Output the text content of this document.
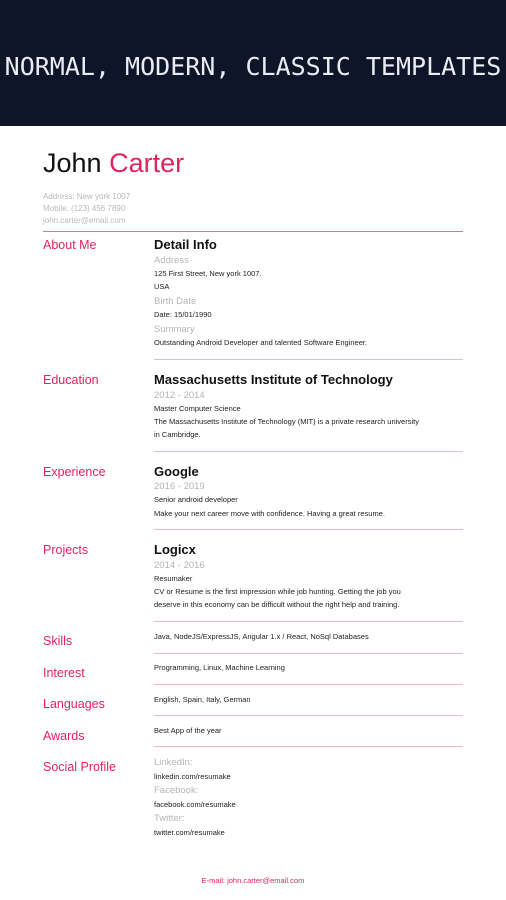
NORMAL, MODERN, CLASSIC TEMPLATES
John Carter
Address: New york 1007
Mobile: (123) 456 7890
john.carter@email.com
About Me	Detail Info
Address
125 First Street, New york 1007.
USA
Birth Date
Date: 15/01/1990
Summary
Outstanding Android Developer and talented Software Engineer.
Education	Massachusetts Institute of Technology
2012 - 2014
Master Computer Science
The Massachusetts Institute of Technology (MIT) is a private research university
in Cambridge.
Experience	Google
2016 - 2019
Senior android developer
Make your next career move with confidence. Having a great resume.
Projects	Logicx
2014 - 2016
Resumaker
CV or Resume is the first impression while job hunting. Getting the job you
deserve in this economy can be difficult without the right help and training.
Skills	Java, NodeJS/ExpressJS, Angular 1.x / React, NoSql Databases
Interest	Programming, Linux, Machine Learning
Languages	English, Spain, Italy, German
Awards	Best App of the year
Social Profile	LinkedIn:
linkedin.com/resumake
Facebook:
facebook.com/resumake
Twitter:
twitter.com/resumake
E-mail: john.carter@email.com
